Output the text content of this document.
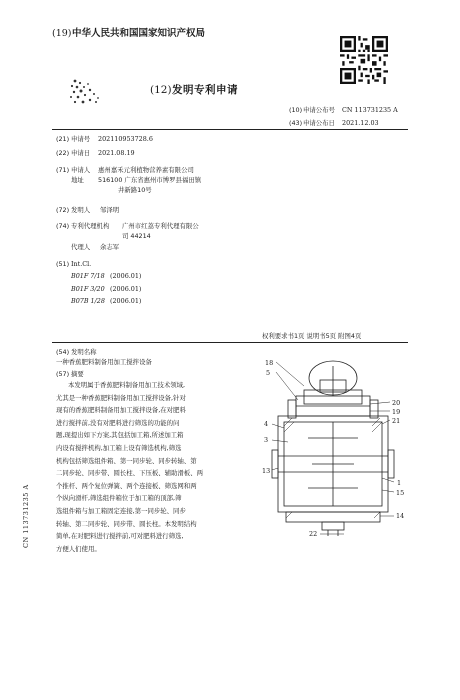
(19) 中华人民共和国国家知识产权局
(12) 发明专利申请
(10) 申请公布号 CN 113731235 A
(43) 申请公布日 2021.12.03
(21) 申请号 202110953728.6
(22) 申请日 2021.08.19
(71) 申请人 惠州嘉禾元利植物营养素有限公司
地址 516100 广东省惠州市博罗县福田镇
井新路10号
(72) 发明人 邹泽明
(74) 专利代理机构 广州市红荔专利代理有限公
司 44214
代理人 余志军
(51) Int.Cl.
B01F 7/18 (2006.01)
B01F 3/20 (2006.01)
B07B 1/28 (2006.01)
权利要求书1页 说明书5页 附图4页
(54) 发明名称
一种香蕉肥料制备用加工搅拌设备
(57) 摘要
本发明属于香蕉肥料制备用加工技术领域,
尤其是一种香蕉肥料制备用加工搅拌设备,针对
现有的香蕉肥料制备用加工搅拌设备,在对肥料
进行搅拌前,没有对肥料进行筛选的功能的问
题,现提出如下方案,其包括加工箱,所述加工箱
内设有搅拌机构,加工箱上设有筛选机构,筛选
机构包括筛选组件箱、第一同步轮、同步转轴、第
二同步轮、同步带、圆长柱、下压板、辅助滑板、两
个推杆、两个复位弹簧、两个连接板、筛选网和两
个纵向滑杆,筛选组件箱位于加工箱的顶部,筛
选组件箱与加工箱固定连接,第一同步轮、同步
转轴、第二同步轮、同步带、圆长柱。本发明结构
简单,在对肥料进行搅拌前,可对肥料进行筛选,
方便人们使用。
18
5
20
19
21
4
3
13
1
15
14
22
CN 113731235 A
